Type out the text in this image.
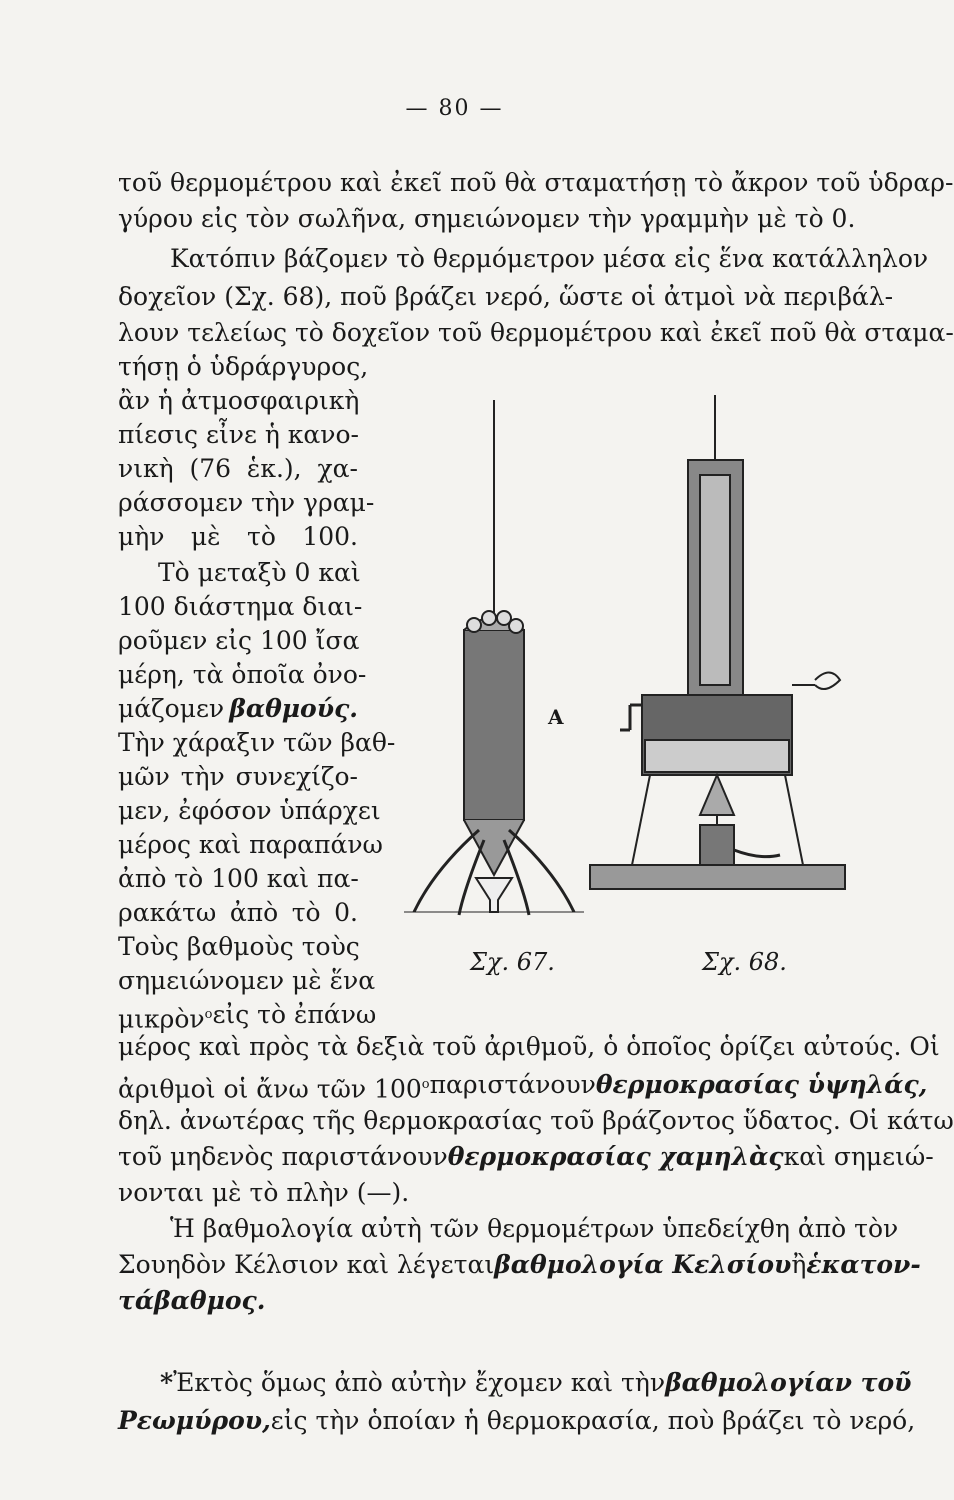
— 80 —
τοῦ θερμομέτρου καὶ ἐκεῖ ποῦ θὰ σταματήσῃ τὸ ἄκρον τοῦ ὑδραρ-
γύρου εἰς τὸν σωλῆνα, σημειώνομεν τὴν γραμμὴν μὲ τὸ 0.
Κατόπιν βάζομεν τὸ θερμόμετρον μέσα εἰς ἕνα κατάλληλον
δοχεῖον (Σχ. 68), ποῦ βράζει νερό, ὥστε οἱ ἀτμοὶ νὰ περιβάλ-
λουν τελείως τὸ δοχεῖον τοῦ θερμομέτρου καὶ ἐκεῖ ποῦ θὰ σταμα-
τήσῃ ὁ ὑδράργυρος,
ἂν ἡ ἀτμοσφαιρικὴ
πίεσις εἶνε ἡ κανο-
νικὴ (76 ἑκ.), χα-
ράσσομεν τὴν γραμ-
μὴν μὲ τὸ 100.
Τὸ μεταξὺ 0 καὶ
100 διάστημα διαι-
ροῦμεν εἰς 100 ἴσα
μέρη, τὰ ὁποῖα ὀνο-
μάζομεν βαθμούς.
Τὴν χάραξιν τῶν βαθ-
μῶν τὴν συνεχίζο-
μεν, ἐφόσον ὑπάρχει
μέρος καὶ παραπάνω
ἀπὸ τὸ 100 καὶ πα-
ρακάτω ἀπὸ τὸ 0.
Τοὺς βαθμοὺς τοὺς
σημειώνομεν μὲ ἕνα
μικρὸν$^o$ εἰς τὸ ἐπάνω
A
Σχ. 67.	Σχ. 68.
μέρος καὶ πρὸς τὰ δεξιὰ τοῦ ἀριθμοῦ, ὁ ὁποῖος ὁρίζει αὐτούς. Οἱ
ἀριθμοὶ οἱ ἄνω τῶν 100$^o$ παριστάνουν θερμοκρασίας ὑψηλάς,
δηλ. ἀνωτέρας τῆς θερμοκρασίας τοῦ βράζοντος ὕδατος. Οἱ κάτω
τοῦ μηδενὸς παριστάνουν θερμοκρασίας χαμηλὰς καὶ σημειώ-
νονται μὲ τὸ πλὴν (—).
Ἡ βαθμολογία αὐτὴ τῶν θερμομέτρων ὑπεδείχθη ἀπὸ τὸν
Σουηδὸν Κέλσιον καὶ λέγεται βαθμολογία Κελσίου ἢ ἑκατον-
τάβαθμος.
*Ἐκτὸς ὅμως ἀπὸ αὐτὴν ἔχομεν καὶ τὴν βαθμολογίαν τοῦ
Ρεωμύρου, εἰς τὴν ὁποίαν ἡ θερμοκρασία, ποὺ βράζει τὸ νερό,
